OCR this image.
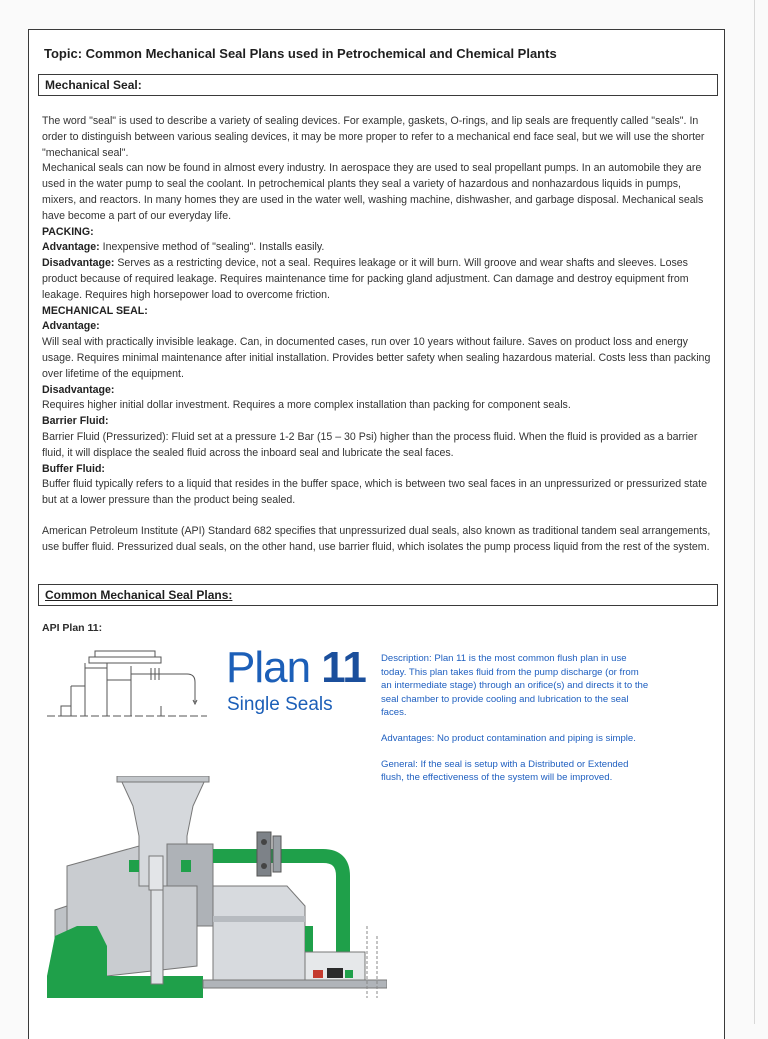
Topic: Common Mechanical Seal Plans used in Petrochemical and Chemical Plants
Mechanical Seal:

The word "seal" is used to describe a variety of sealing devices. For example, gaskets, O-rings, and lip seals are frequently called "seals". In order to distinguish between various sealing devices, it may be more proper to refer to a mechanical end face seal, but we will use the shorter "mechanical seal".

Mechanical seals can now be found in almost every industry. In aerospace they are used to seal propellant pumps. In an automobile they are used in the water pump to seal the coolant. In petrochemical plants they seal a variety of hazardous and nonhazardous liquids in pumps, mixers, and reactors. In many homes they are used in the water well, washing machine, dishwasher, and garbage disposal. Mechanical seals have become a part of our everyday life.

PACKING:

Advantage: Inexpensive method of "sealing". Installs easily.

Disadvantage: Serves as a restricting device, not a seal. Requires leakage or it will burn. Will groove and wear shafts and sleeves. Loses product because of required leakage. Requires maintenance time for packing gland adjustment. Can damage and destroy equipment from leakage. Requires high horsepower load to overcome friction.

MECHANICAL SEAL:

Advantage:

Will seal with practically invisible leakage. Can, in documented cases, run over 10 years without failure. Saves on product loss and energy usage. Requires minimal maintenance after initial installation. Provides better safety when sealing hazardous material. Costs less than packing over lifetime of the equipment.

Disadvantage:

Requires higher initial dollar investment. Requires a more complex installation than packing for component seals.

Barrier Fluid:

Barrier Fluid (Pressurized): Fluid set at a pressure 1-2 Bar (15 – 30 Psi) higher than the process fluid. When the fluid is provided as a barrier fluid, it will displace the sealed fluid across the inboard seal and lubricate the seal faces.

Buffer Fluid:

Buffer fluid typically refers to a liquid that resides in the buffer space, which is between two seal faces in an unpressurized or pressurized state but at a lower pressure than the product being sealed.

American Petroleum Institute (API) Standard 682 specifies that unpressurized dual seals, also known as traditional tandem seal arrangements, use buffer fluid. Pressurized dual seals, on the other hand, use barrier fluid, which isolates the pump process liquid from the rest of the system.

Common Mechanical Seal Plans:
API Plan 11:
Plan 11
Single Seals

Description: Plan 11 is the most common flush plan in use today. This plan takes fluid from the pump discharge (or from an intermediate stage) through an orifice(s) and directs it to the seal chamber to provide cooling and lubrication to the seal faces.

Advantages: No product contamination and piping is simple.

General: If the seal is setup with a Distributed or Extended flush, the effectiveness of the system will be improved.
